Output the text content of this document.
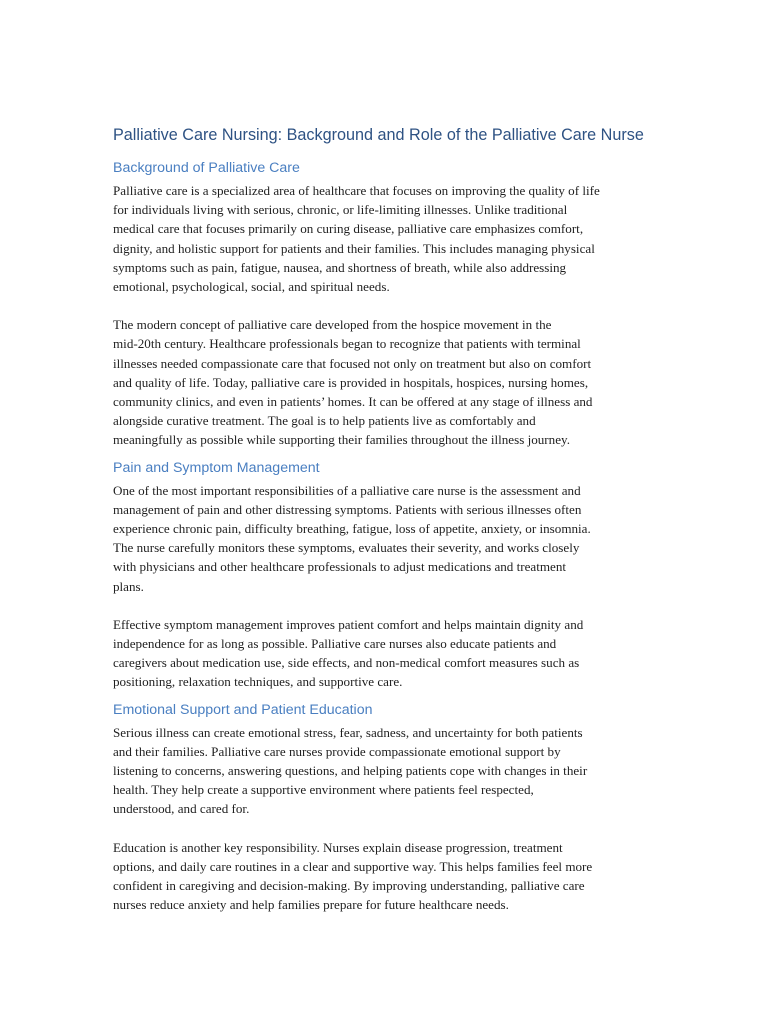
Palliative Care Nursing: Background and Role of the Palliative Care Nurse
Background of Palliative Care

Palliative care is a specialized area of healthcare that focuses on improving the quality of life
for individuals living with serious, chronic, or life-limiting illnesses. Unlike traditional
medical care that focuses primarily on curing disease, palliative care emphasizes comfort,
dignity, and holistic support for patients and their families. This includes managing physical
symptoms such as pain, fatigue, nausea, and shortness of breath, while also addressing
emotional, psychological, social, and spiritual needs.

The modern concept of palliative care developed from the hospice movement in the
mid-20th century. Healthcare professionals began to recognize that patients with terminal
illnesses needed compassionate care that focused not only on treatment but also on comfort
and quality of life. Today, palliative care is provided in hospitals, hospices, nursing homes,
community clinics, and even in patients’ homes. It can be offered at any stage of illness and
alongside curative treatment. The goal is to help patients live as comfortably and
meaningfully as possible while supporting their families throughout the illness journey.

Pain and Symptom Management

One of the most important responsibilities of a palliative care nurse is the assessment and
management of pain and other distressing symptoms. Patients with serious illnesses often
experience chronic pain, difficulty breathing, fatigue, loss of appetite, anxiety, or insomnia.
The nurse carefully monitors these symptoms, evaluates their severity, and works closely
with physicians and other healthcare professionals to adjust medications and treatment
plans.

Effective symptom management improves patient comfort and helps maintain dignity and
independence for as long as possible. Palliative care nurses also educate patients and
caregivers about medication use, side effects, and non-medical comfort measures such as
positioning, relaxation techniques, and supportive care.

Emotional Support and Patient Education

Serious illness can create emotional stress, fear, sadness, and uncertainty for both patients
and their families. Palliative care nurses provide compassionate emotional support by
listening to concerns, answering questions, and helping patients cope with changes in their
health. They help create a supportive environment where patients feel respected,
understood, and cared for.

Education is another key responsibility. Nurses explain disease progression, treatment
options, and daily care routines in a clear and supportive way. This helps families feel more
confident in caregiving and decision-making. By improving understanding, palliative care
nurses reduce anxiety and help families prepare for future healthcare needs.
